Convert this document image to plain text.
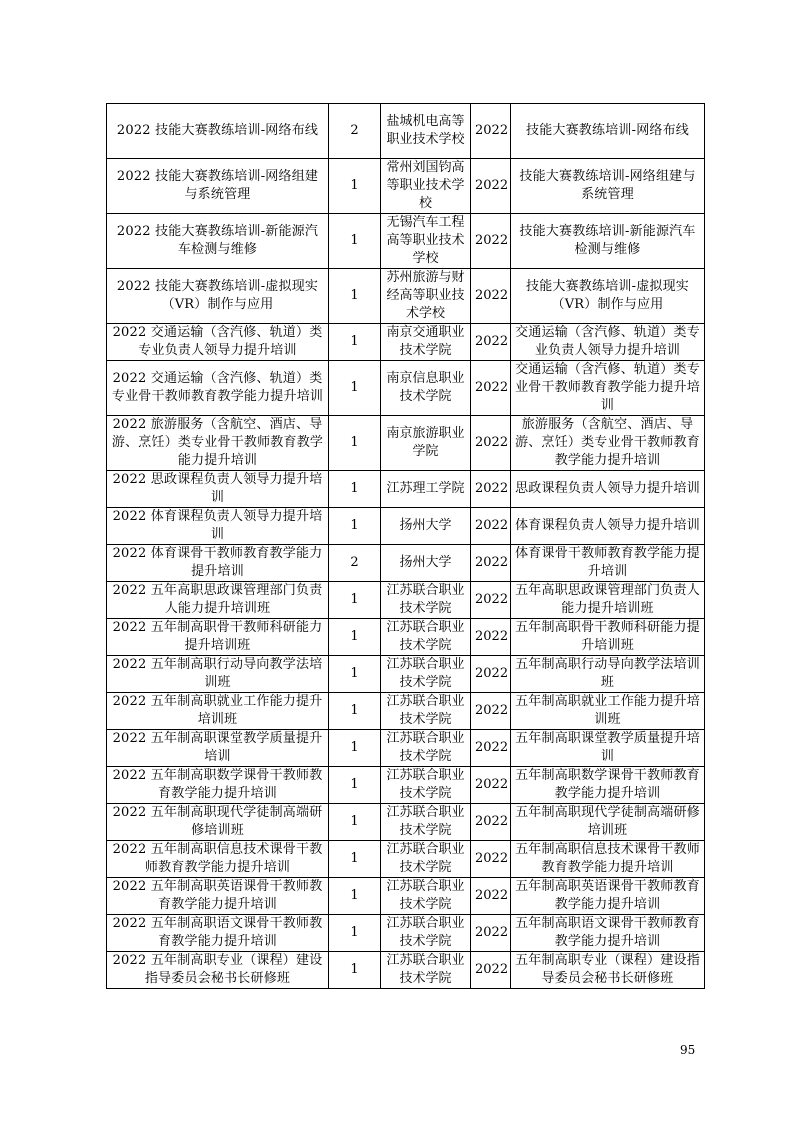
2022 技能大赛教练培训-网络布线	2	盐城机电高等职业技术学校	2022	技能大赛教练培训-网络布线
2022 技能大赛教练培训-网络组建与系统管理	1	常州刘国钧高等职业技术学校	2022	技能大赛教练培训-网络组建与系统管理
2022 技能大赛教练培训-新能源汽车检测与维修	1	无锡汽车工程高等职业技术学校	2022	技能大赛教练培训-新能源汽车检测与维修
2022 技能大赛教练培训-虚拟现实（VR）制作与应用	1	苏州旅游与财经高等职业技术学校	2022	技能大赛教练培训-虚拟现实（VR）制作与应用
2022 交通运输（含汽修、轨道）类专业负责人领导力提升培训	1	南京交通职业技术学院	2022	交通运输（含汽修、轨道）类专业负责人领导力提升培训
2022 交通运输（含汽修、轨道）类专业骨干教师教育教学能力提升培训	1	南京信息职业技术学院	2022	交通运输（含汽修、轨道）类专业骨干教师教育教学能力提升培训
2022 旅游服务（含航空、酒店、导游、烹饪）类专业骨干教师教育教学能力提升培训	1	南京旅游职业学院	2022	旅游服务（含航空、酒店、导游、烹饪）类专业骨干教师教育教学能力提升培训
2022 思政课程负责人领导力提升培训	1	江苏理工学院	2022	思政课程负责人领导力提升培训
2022 体育课程负责人领导力提升培训	1	扬州大学	2022	体育课程负责人领导力提升培训
2022 体育课骨干教师教育教学能力提升培训	2	扬州大学	2022	体育课骨干教师教育教学能力提升培训
2022 五年高职思政课管理部门负责人能力提升培训班	1	江苏联合职业技术学院	2022	五年高职思政课管理部门负责人能力提升培训班
2022 五年制高职骨干教师科研能力提升培训班	1	江苏联合职业技术学院	2022	五年制高职骨干教师科研能力提升培训班
2022 五年制高职行动导向教学法培训班	1	江苏联合职业技术学院	2022	五年制高职行动导向教学法培训班
2022 五年制高职就业工作能力提升培训班	1	江苏联合职业技术学院	2022	五年制高职就业工作能力提升培训班
2022 五年制高职课堂教学质量提升培训	1	江苏联合职业技术学院	2022	五年制高职课堂教学质量提升培训
2022 五年制高职数学课骨干教师教育教学能力提升培训	1	江苏联合职业技术学院	2022	五年制高职数学课骨干教师教育教学能力提升培训
2022 五年制高职现代学徒制高端研修培训班	1	江苏联合职业技术学院	2022	五年制高职现代学徒制高端研修培训班
2022 五年制高职信息技术课骨干教师教育教学能力提升培训	1	江苏联合职业技术学院	2022	五年制高职信息技术课骨干教师教育教学能力提升培训
2022 五年制高职英语课骨干教师教育教学能力提升培训	1	江苏联合职业技术学院	2022	五年制高职英语课骨干教师教育教学能力提升培训
2022 五年制高职语文课骨干教师教育教学能力提升培训	1	江苏联合职业技术学院	2022	五年制高职语文课骨干教师教育教学能力提升培训
2022 五年制高职专业（课程）建设指导委员会秘书长研修班	1	江苏联合职业技术学院	2022	五年制高职专业（课程）建设指导委员会秘书长研修班
95
